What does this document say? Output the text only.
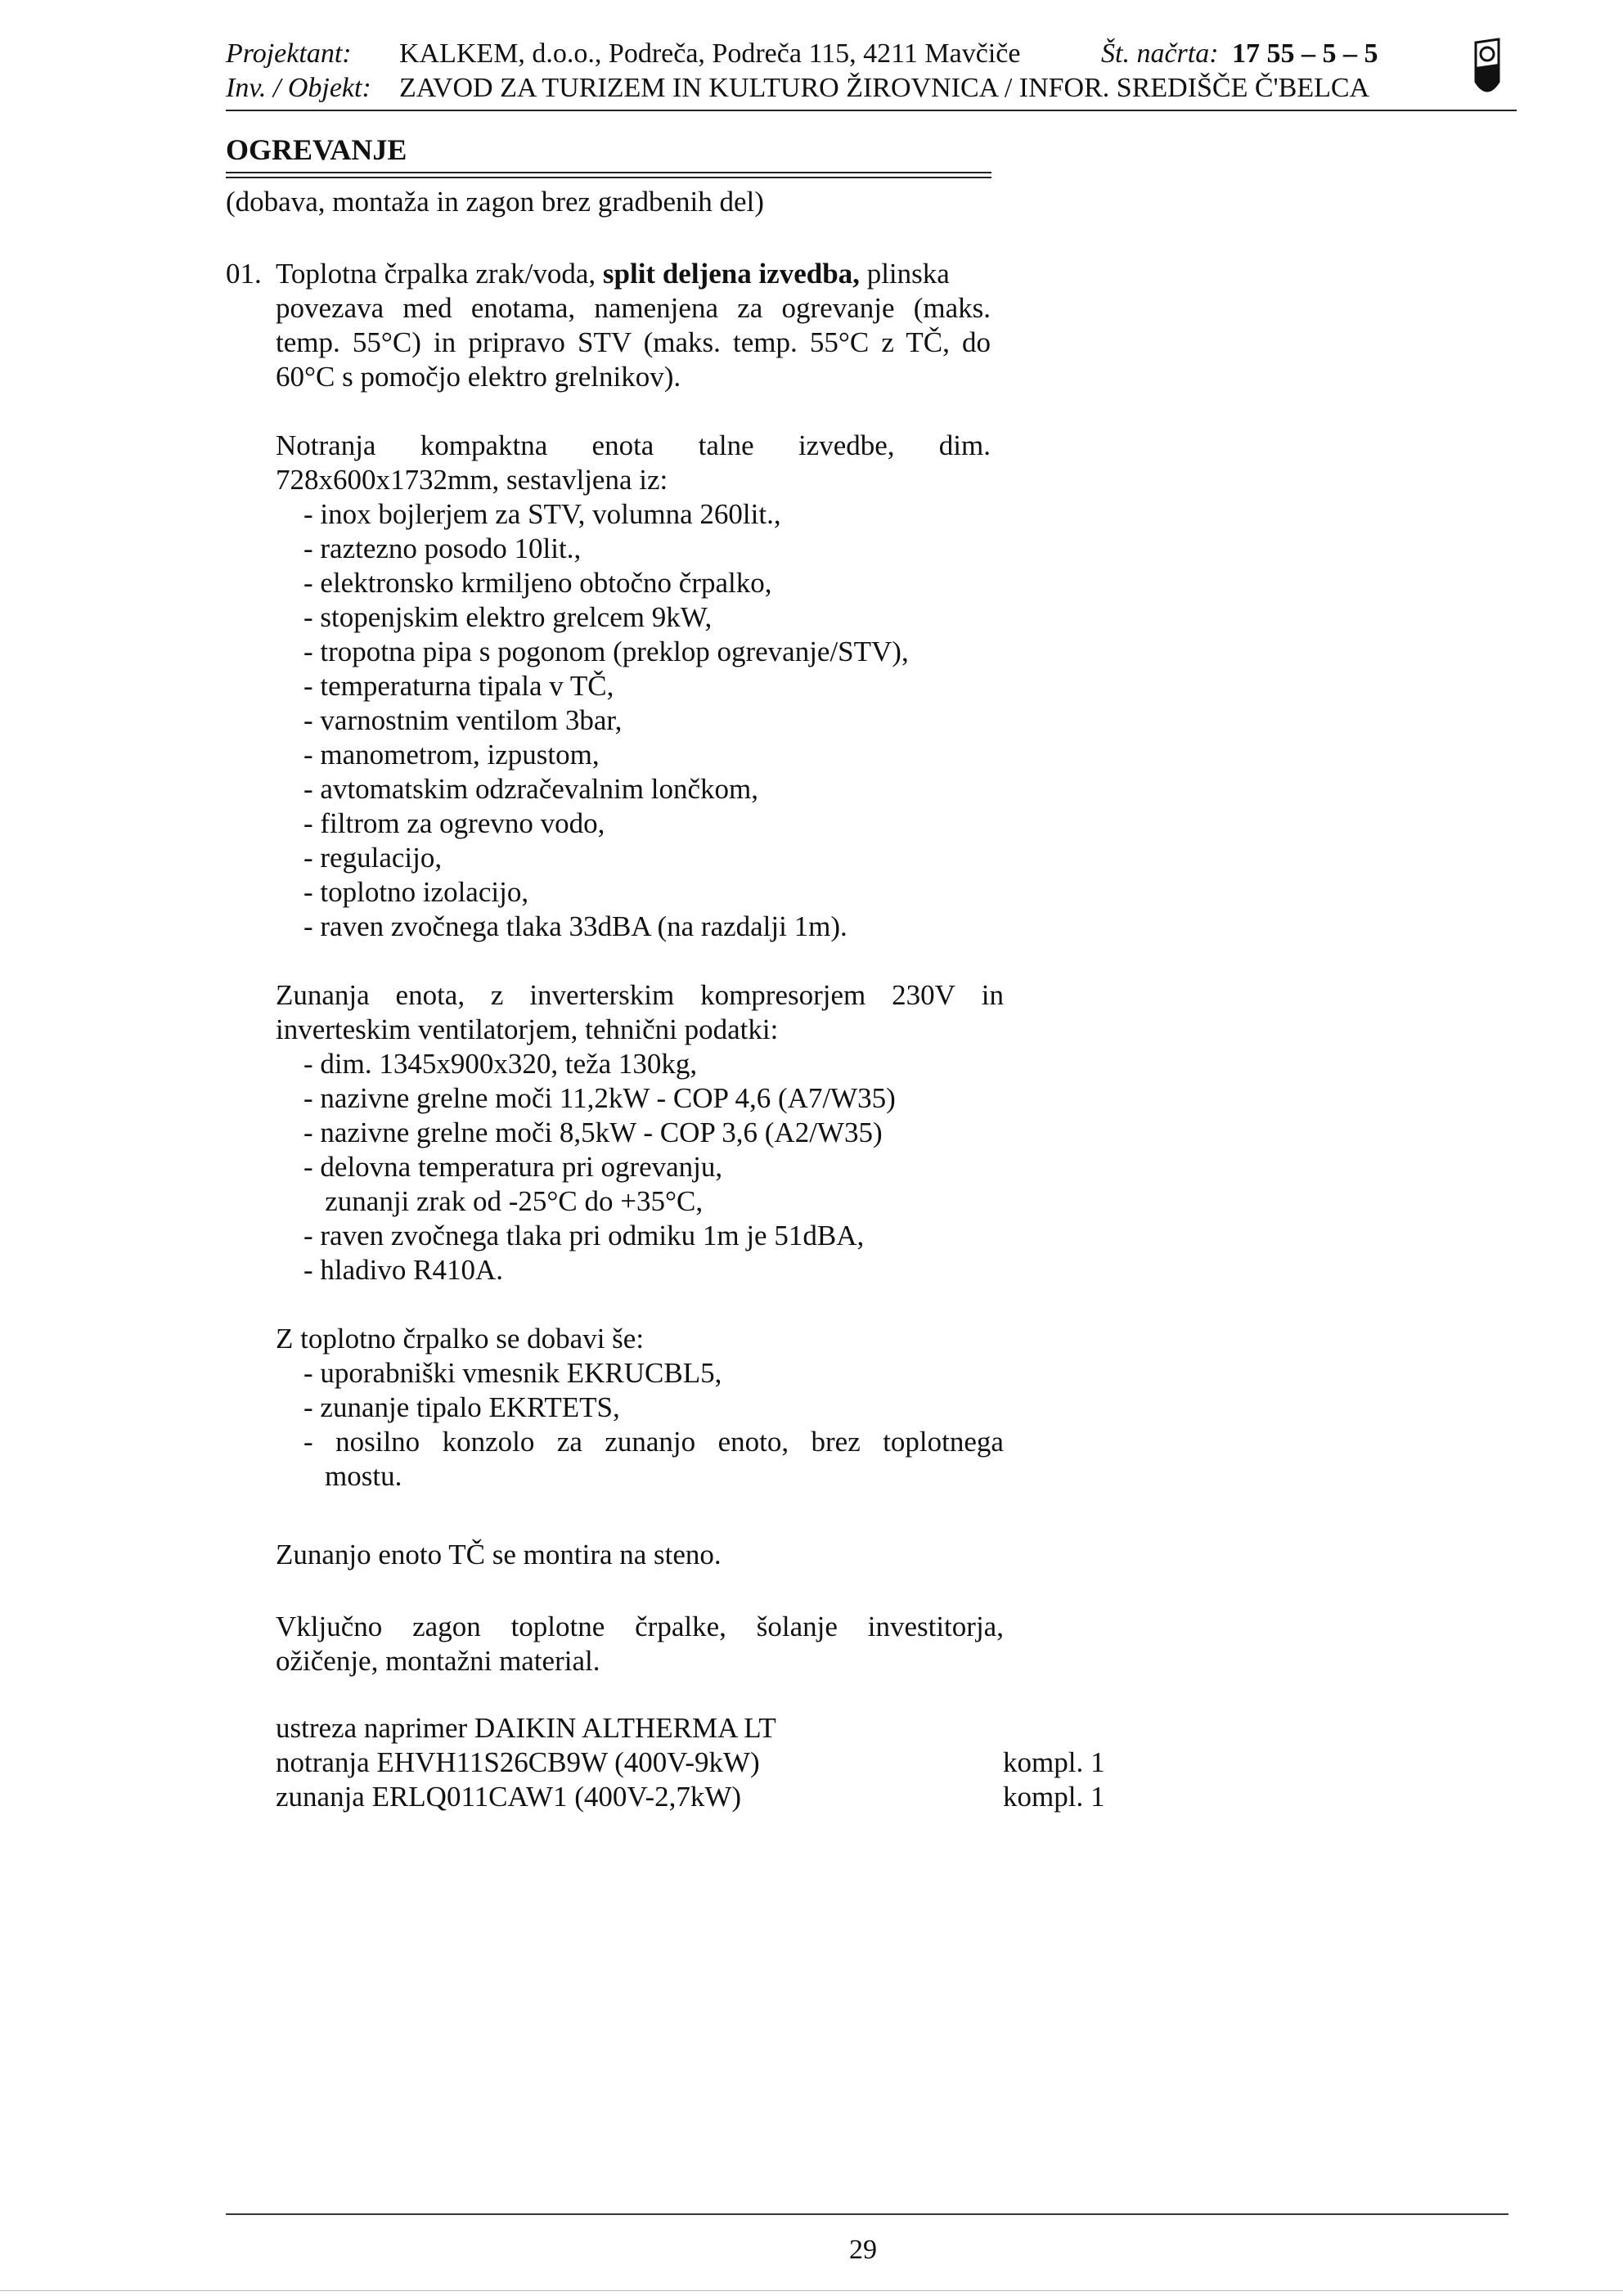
Projektant: KALKEM, d.o.o., Podreča, Podreča 115, 4211 Mavčiče	Št. načrta: 17 55 – 5 – 5
Inv. / Objekt: ZAVOD ZA TURIZEM IN KULTURO ŽIROVNICA / INFOR. SREDIŠČE Č'BELCA
OGREVANJE
(dobava, montaža in zagon brez gradbenih del)
01. Toplotna črpalka zrak/voda, split deljena izvedba, plinska
povezava med enotama, namenjena za ogrevanje (maks.
temp. 55°C) in pripravo STV (maks. temp. 55°C z TČ, do
60°C s pomočjo elektro grelnikov).
Notranja kompaktna enota talne izvedbe, dim.
728x600x1732mm, sestavljena iz:
- inox bojlerjem za STV, volumna 260lit.,
- raztezno posodo 10lit.,
- elektronsko krmiljeno obtočno črpalko,
- stopenjskim elektro grelcem 9kW,
- tropotna pipa s pogonom (preklop ogrevanje/STV),
- temperaturna tipala v TČ,
- varnostnim ventilom 3bar,
- manometrom, izpustom,
- avtomatskim odzračevalnim lončkom,
- filtrom za ogrevno vodo,
- regulacijo,
- toplotno izolacijo,
- raven zvočnega tlaka 33dBA (na razdalji 1m).
Zunanja enota, z inverterskim kompresorjem 230V in
inverteskim ventilatorjem, tehnični podatki:
- dim. 1345x900x320, teža 130kg,
- nazivne grelne moči 11,2kW - COP 4,6 (A7/W35)
- nazivne grelne moči 8,5kW - COP 3,6 (A2/W35)
- delovna temperatura pri ogrevanju,
zunanji zrak od -25°C do +35°C,
- raven zvočnega tlaka pri odmiku 1m je 51dBA,
- hladivo R410A.
Z toplotno črpalko se dobavi še:
- uporabniški vmesnik EKRUCBL5,
- zunanje tipalo EKRTETS,
- nosilno konzolo za zunanjo enoto, brez toplotnega
mostu.
Zunanjo enoto TČ se montira na steno.
Vključno zagon toplotne črpalke, šolanje investitorja,
ožičenje, montažni material.
ustreza naprimer DAIKIN ALTHERMA LT
notranja EHVH11S26CB9W (400V-9kW)
zunanja ERLQ011CAW1 (400V-2,7kW)
kompl. 1
kompl. 1
29
